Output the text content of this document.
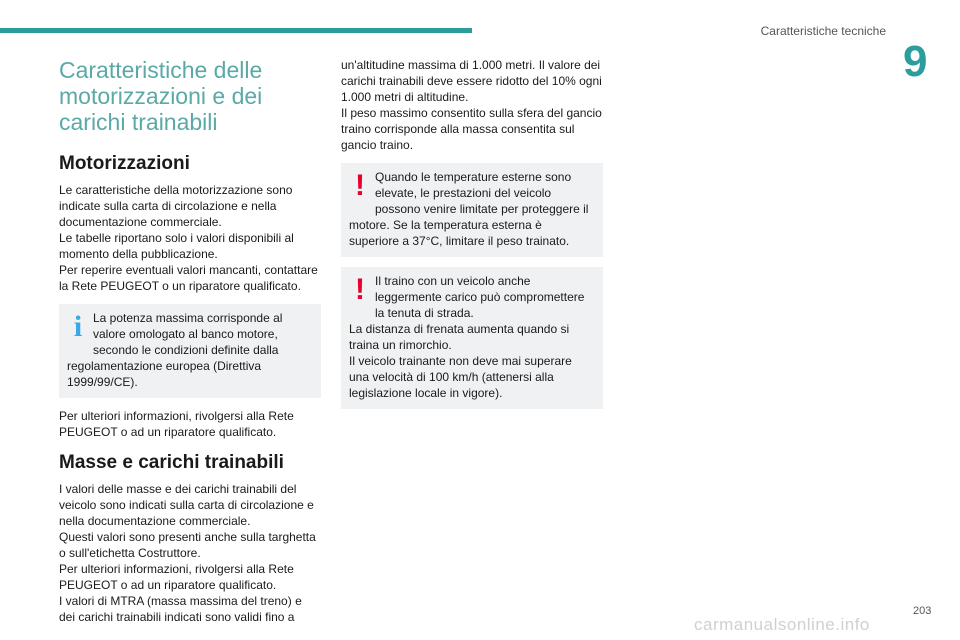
Caratteristiche tecniche
9
Caratteristiche delle motorizzazioni e dei carichi trainabili
Motorizzazioni

Le caratteristiche della motorizzazione sono indicate sulla carta di circolazione e nella documentazione commerciale.

Le tabelle riportano solo i valori disponibili al momento della pubblicazione.

Per reperire eventuali valori mancanti, contattare la Rete PEUGEOT o un riparatore qualificato.

i La potenza massima corrisponde al valore omologato al banco motore, secondo le condizioni definite dalla regolamentazione europea (Direttiva 1999/99/CE).

Per ulteriori informazioni, rivolgersi alla Rete PEUGEOT o ad un riparatore qualificato.

Masse e carichi trainabili

I valori delle masse e dei carichi trainabili del veicolo sono indicati sulla carta di circolazione e nella documentazione commerciale.

Questi valori sono presenti anche sulla targhetta o sull'etichetta Costruttore.

Per ulteriori informazioni, rivolgersi alla Rete PEUGEOT o ad un riparatore qualificato.

I valori di MTRA (massa massima del treno) e dei carichi trainabili indicati sono validi fino a

un'altitudine massima di 1.000 metri. Il valore dei carichi trainabili deve essere ridotto del 10% ogni 1.000 metri di altitudine.

Il peso massimo consentito sulla sfera del gancio traino corrisponde alla massa consentita sul gancio traino.

! Quando le temperature esterne sono elevate, le prestazioni del veicolo possono venire limitate per proteggere il motore. Se la temperatura esterna è superiore a 37°C, limitare il peso trainato.
! Il traino con un veicolo anche leggermente carico può compromettere la tenuta di strada.
La distanza di frenata aumenta quando si traina un rimorchio.
Il veicolo trainante non deve mai superare una velocità di 100 km/h (attenersi alla legislazione locale in vigore).
203
carmanualsonline.info
